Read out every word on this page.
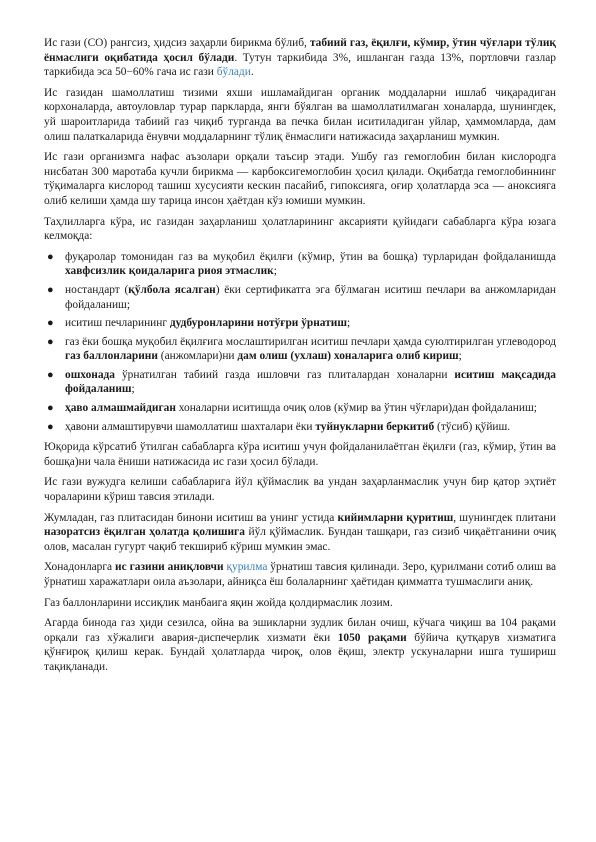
Ис гази (CO) рангсиз, ҳидсиз заҳарли бирикма бўлиб, табиий газ, ёқилғи, кўмир, ўтин чўғлари тўлиқ ёнмаслиги оқибатида ҳосил бўлади. Тутун таркибида 3%, ишланган газда 13%, портловчи газлар таркибида эса 50−60% гача ис гази бўлади.

Ис газидан шамоллатиш тизими яхши ишламайдиган органик моддаларни ишлаб чиқарадиган корхоналарда, автоуловлар турар паркларда, янги бўялган ва шамоллатилмаган хоналарда, шунингдек, уй шароитларида табиий газ чиқиб турганда ва печка билан иситиладиган уйлар, ҳаммомларда, дам олиш палаткаларида ёнувчи моддаларнинг тўлиқ ёнмаслиги натижасида заҳарланиш мумкин.

Ис гази организмга нафас аъзолари орқали таъсир этади. Ушбу газ гемоглобин билан кислородга нисбатан 300 маротаба кучли бирикма — карбоксигемоглобин ҳосил қилади. Оқибатда гемоглобиннинг тўқималарга кислород ташиш хусусияти кескин пасайиб, гипоксияга, оғир ҳолатларда эса — аноксияга олиб келиши ҳамда шу тарица инсон ҳаётдан кўз юмиши мумкин.

Таҳлилларга кўра, ис газидан заҳарланиш ҳолатларининг аксарияти қуйидаги сабабларга кўра юзага келмоқда:

● фуқаролар томонидан газ ва муқобил ёқилғи (кўмир, ўтин ва бошқа) турларидан фойдаланишда хавфсизлик қоидаларига риоя этмаслик;
● ностандарт (қўлбола ясалган) ёки сертификатга эга бўлмаган иситиш печлари ва анжомларидан фойдаланиш;
● иситиш печларининг дудбуронларини нотўғри ўрнатиш;
● газ ёки бошқа муқобил ёқилғига мослаштирилган иситиш печлари ҳамда суюлтирилган углеводород газ баллонларини (анжомлари)ни дам олиш (ухлаш) хоналарига олиб кириш;
● ошхонада ўрнатилган табиий газда ишловчи газ плиталардан хоналарни иситиш мақсадида фойдаланиш;
● ҳаво алмашмайдиган хоналарни иситишда очиқ олов (кўмир ва ўтин чўғлари)дан фойдаланиш;
● ҳавони алмаштирувчи шамоллатиш шахталари ёки туйнукларни беркитиб (тўсиб) қўйиш.

Юқорида кўрсатиб ўтилган сабабларга кўра иситиш учун фойдаланилаётган ёқилғи (газ, кўмир, ўтин ва бошқа)ни чала ёниши натижасида ис гази ҳосил бўлади.

Ис гази вужудга келиши сабабларига йўл қўймаслик ва ундан заҳарланмаслик учун бир қатор эҳтиёт чораларини кўриш тавсия этилади.

Жумладан, газ плитасидан бинони иситиш ва унинг устида кийимларни қуритиш, шунингдек плитани назоратсиз ёқилган ҳолатда қолишига йўл қўймаслик. Бундан ташқари, газ сизиб чиқаётганини очиқ олов, масалан гугурт чақиб текшириб кўриш мумкин эмас.

Хонадонларга ис газини аниқловчи қурилма ўрнатиш тавсия қилинади. Зеро, қурилмани сотиб олиш ва ўрнатиш харажатлари оила аъзолари, айниқса ёш болаларнинг ҳаётидан қимматга тушмаслиги аниқ.

Газ баллонларини иссиқлик манбаига яқин жойда қолдирмаслик лозим.

Агарда бинода газ ҳиди сезилса, ойна ва эшикларни зудлик билан очиш, кўчага чиқиш ва 104 рақами орқали газ хўжалиги авария-диспечерлик хизмати ёки 1050 рақами бўйича қутқарув хизматига қўнғироқ қилиш керак. Бундай ҳолатларда чироқ, олов ёқиш, электр ускуналарни ишга тушириш тақиқланади.
